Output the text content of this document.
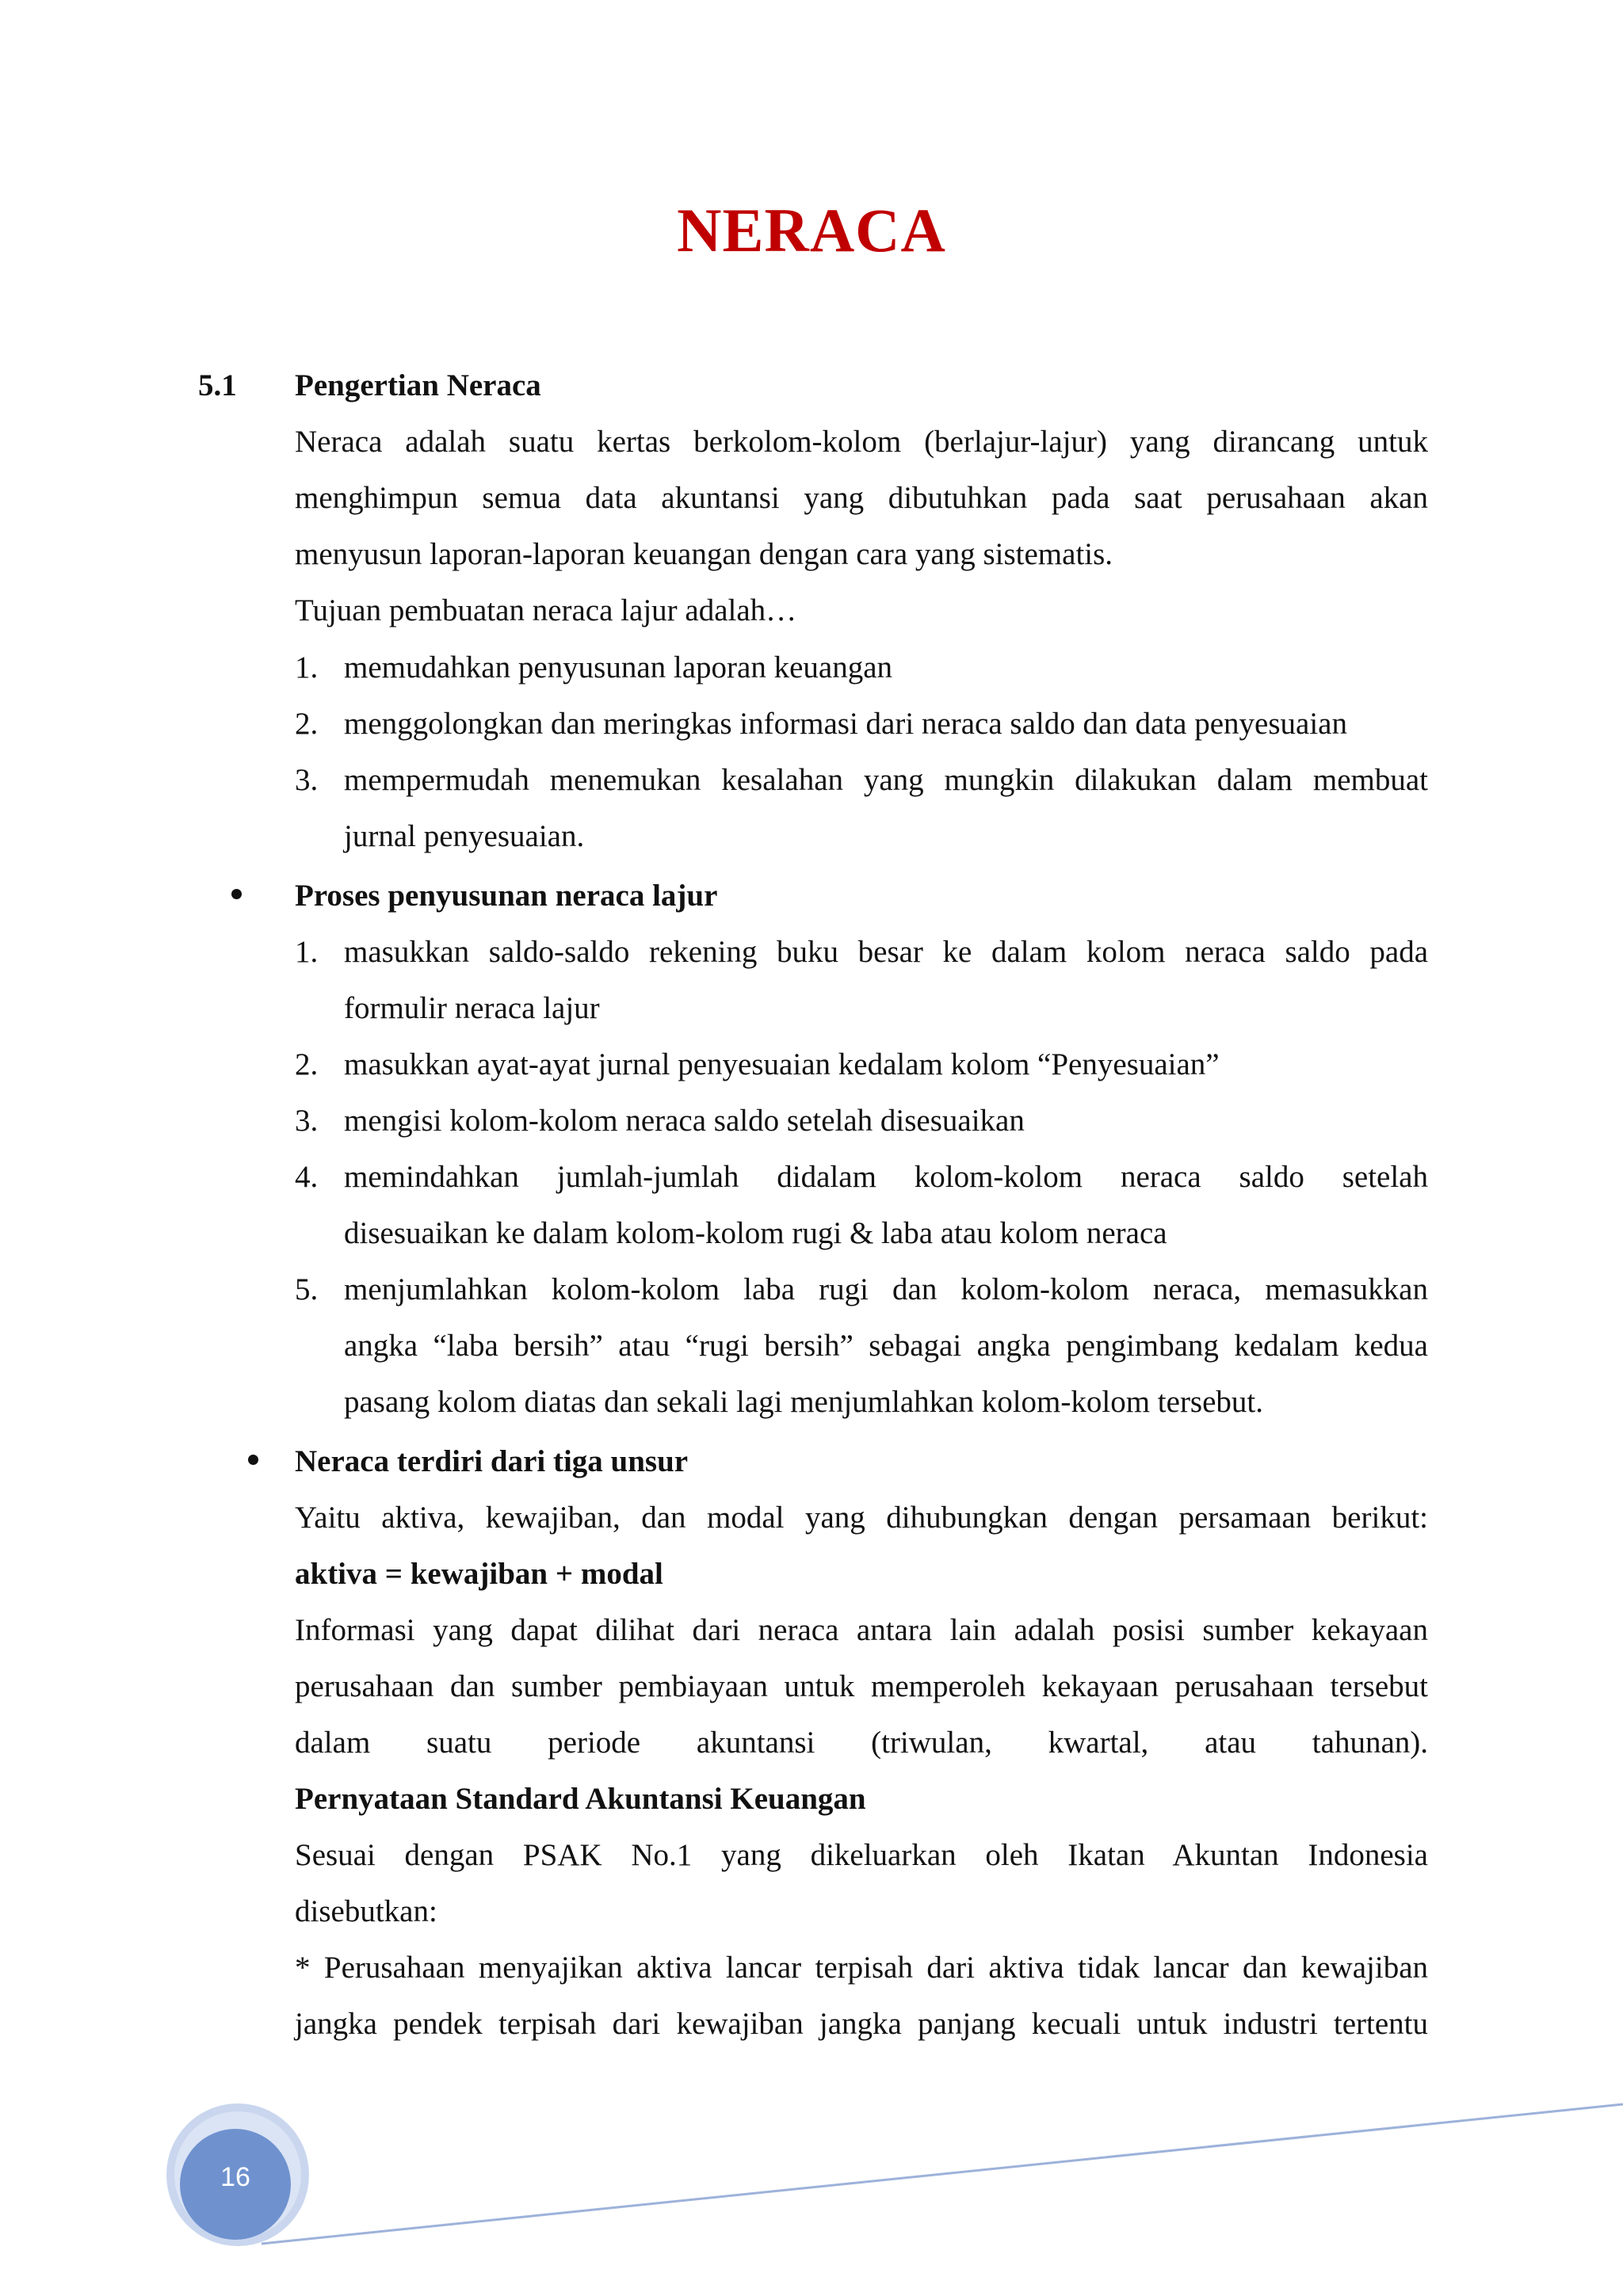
NERACA
5.1 Pengertian Neraca
Neraca adalah suatu kertas berkolom-kolom (berlajur-lajur) yang dirancang untuk
menghimpun semua data akuntansi yang dibutuhkan pada saat perusahaan akan
menyusun laporan-laporan keuangan dengan cara yang sistematis.
Tujuan pembuatan neraca lajur adalah…
1. memudahkan penyusunan laporan keuangan
2. menggolongkan dan meringkas informasi dari neraca saldo dan data penyesuaian
3. mempermudah menemukan kesalahan yang mungkin dilakukan dalam membuat
jurnal penyesuaian.
Proses penyusunan neraca lajur
1. masukkan saldo-saldo rekening buku besar ke dalam kolom neraca saldo pada
formulir neraca lajur
2. masukkan ayat-ayat jurnal penyesuaian kedalam kolom “Penyesuaian”
3. mengisi kolom-kolom neraca saldo setelah disesuaikan
4. memindahkan jumlah-jumlah didalam kolom-kolom neraca saldo setelah
disesuaikan ke dalam kolom-kolom rugi & laba atau kolom neraca
5. menjumlahkan kolom-kolom laba rugi dan kolom-kolom neraca, memasukkan
angka “laba bersih” atau “rugi bersih” sebagai angka pengimbang kedalam kedua
pasang kolom diatas dan sekali lagi menjumlahkan kolom-kolom tersebut.
Neraca terdiri dari tiga unsur
Yaitu aktiva, kewajiban, dan modal yang dihubungkan dengan persamaan berikut:
aktiva = kewajiban + modal
Informasi yang dapat dilihat dari neraca antara lain adalah posisi sumber kekayaan
perusahaan dan sumber pembiayaan untuk memperoleh kekayaan perusahaan tersebut
dalam suatu periode akuntansi (triwulan, kwartal, atau tahunan).
Pernyataan Standard Akuntansi Keuangan
Sesuai dengan PSAK No.1 yang dikeluarkan oleh Ikatan Akuntan Indonesia
disebutkan:
* Perusahaan menyajikan aktiva lancar terpisah dari aktiva tidak lancar dan kewajiban
jangka pendek terpisah dari kewajiban jangka panjang kecuali untuk industri tertentu
16
